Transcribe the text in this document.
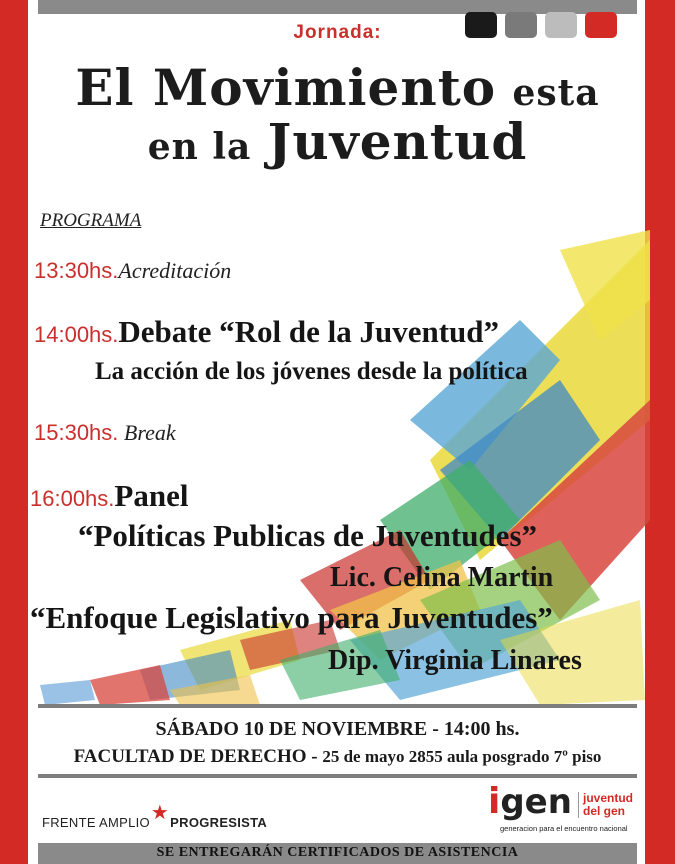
Jornada:
El Movimiento esta
en la Juventud
PROGRAMA
13:30hs.Acreditación
14:00hs.Debate “Rol de la Juventud”
La acción de los jóvenes desde la política
15:30hs. Break
16:00hs.Panel
“Políticas Publicas de Juventudes”
Lic. Celina Martin
“Enfoque Legislativo para Juventudes”
Dip. Virginia Linares
SÁBADO 10 DE NOVIEMBRE - 14:00 hs.
FACULTAD DE DERECHO - 25 de mayo 2855 aula posgrado 7º piso
FRENTE AMPLIO★PROGRESISTA
igen juventud
del gen
generacion para el encuentro nacional
SE ENTREGARÁN CERTIFICADOS DE ASISTENCIA
